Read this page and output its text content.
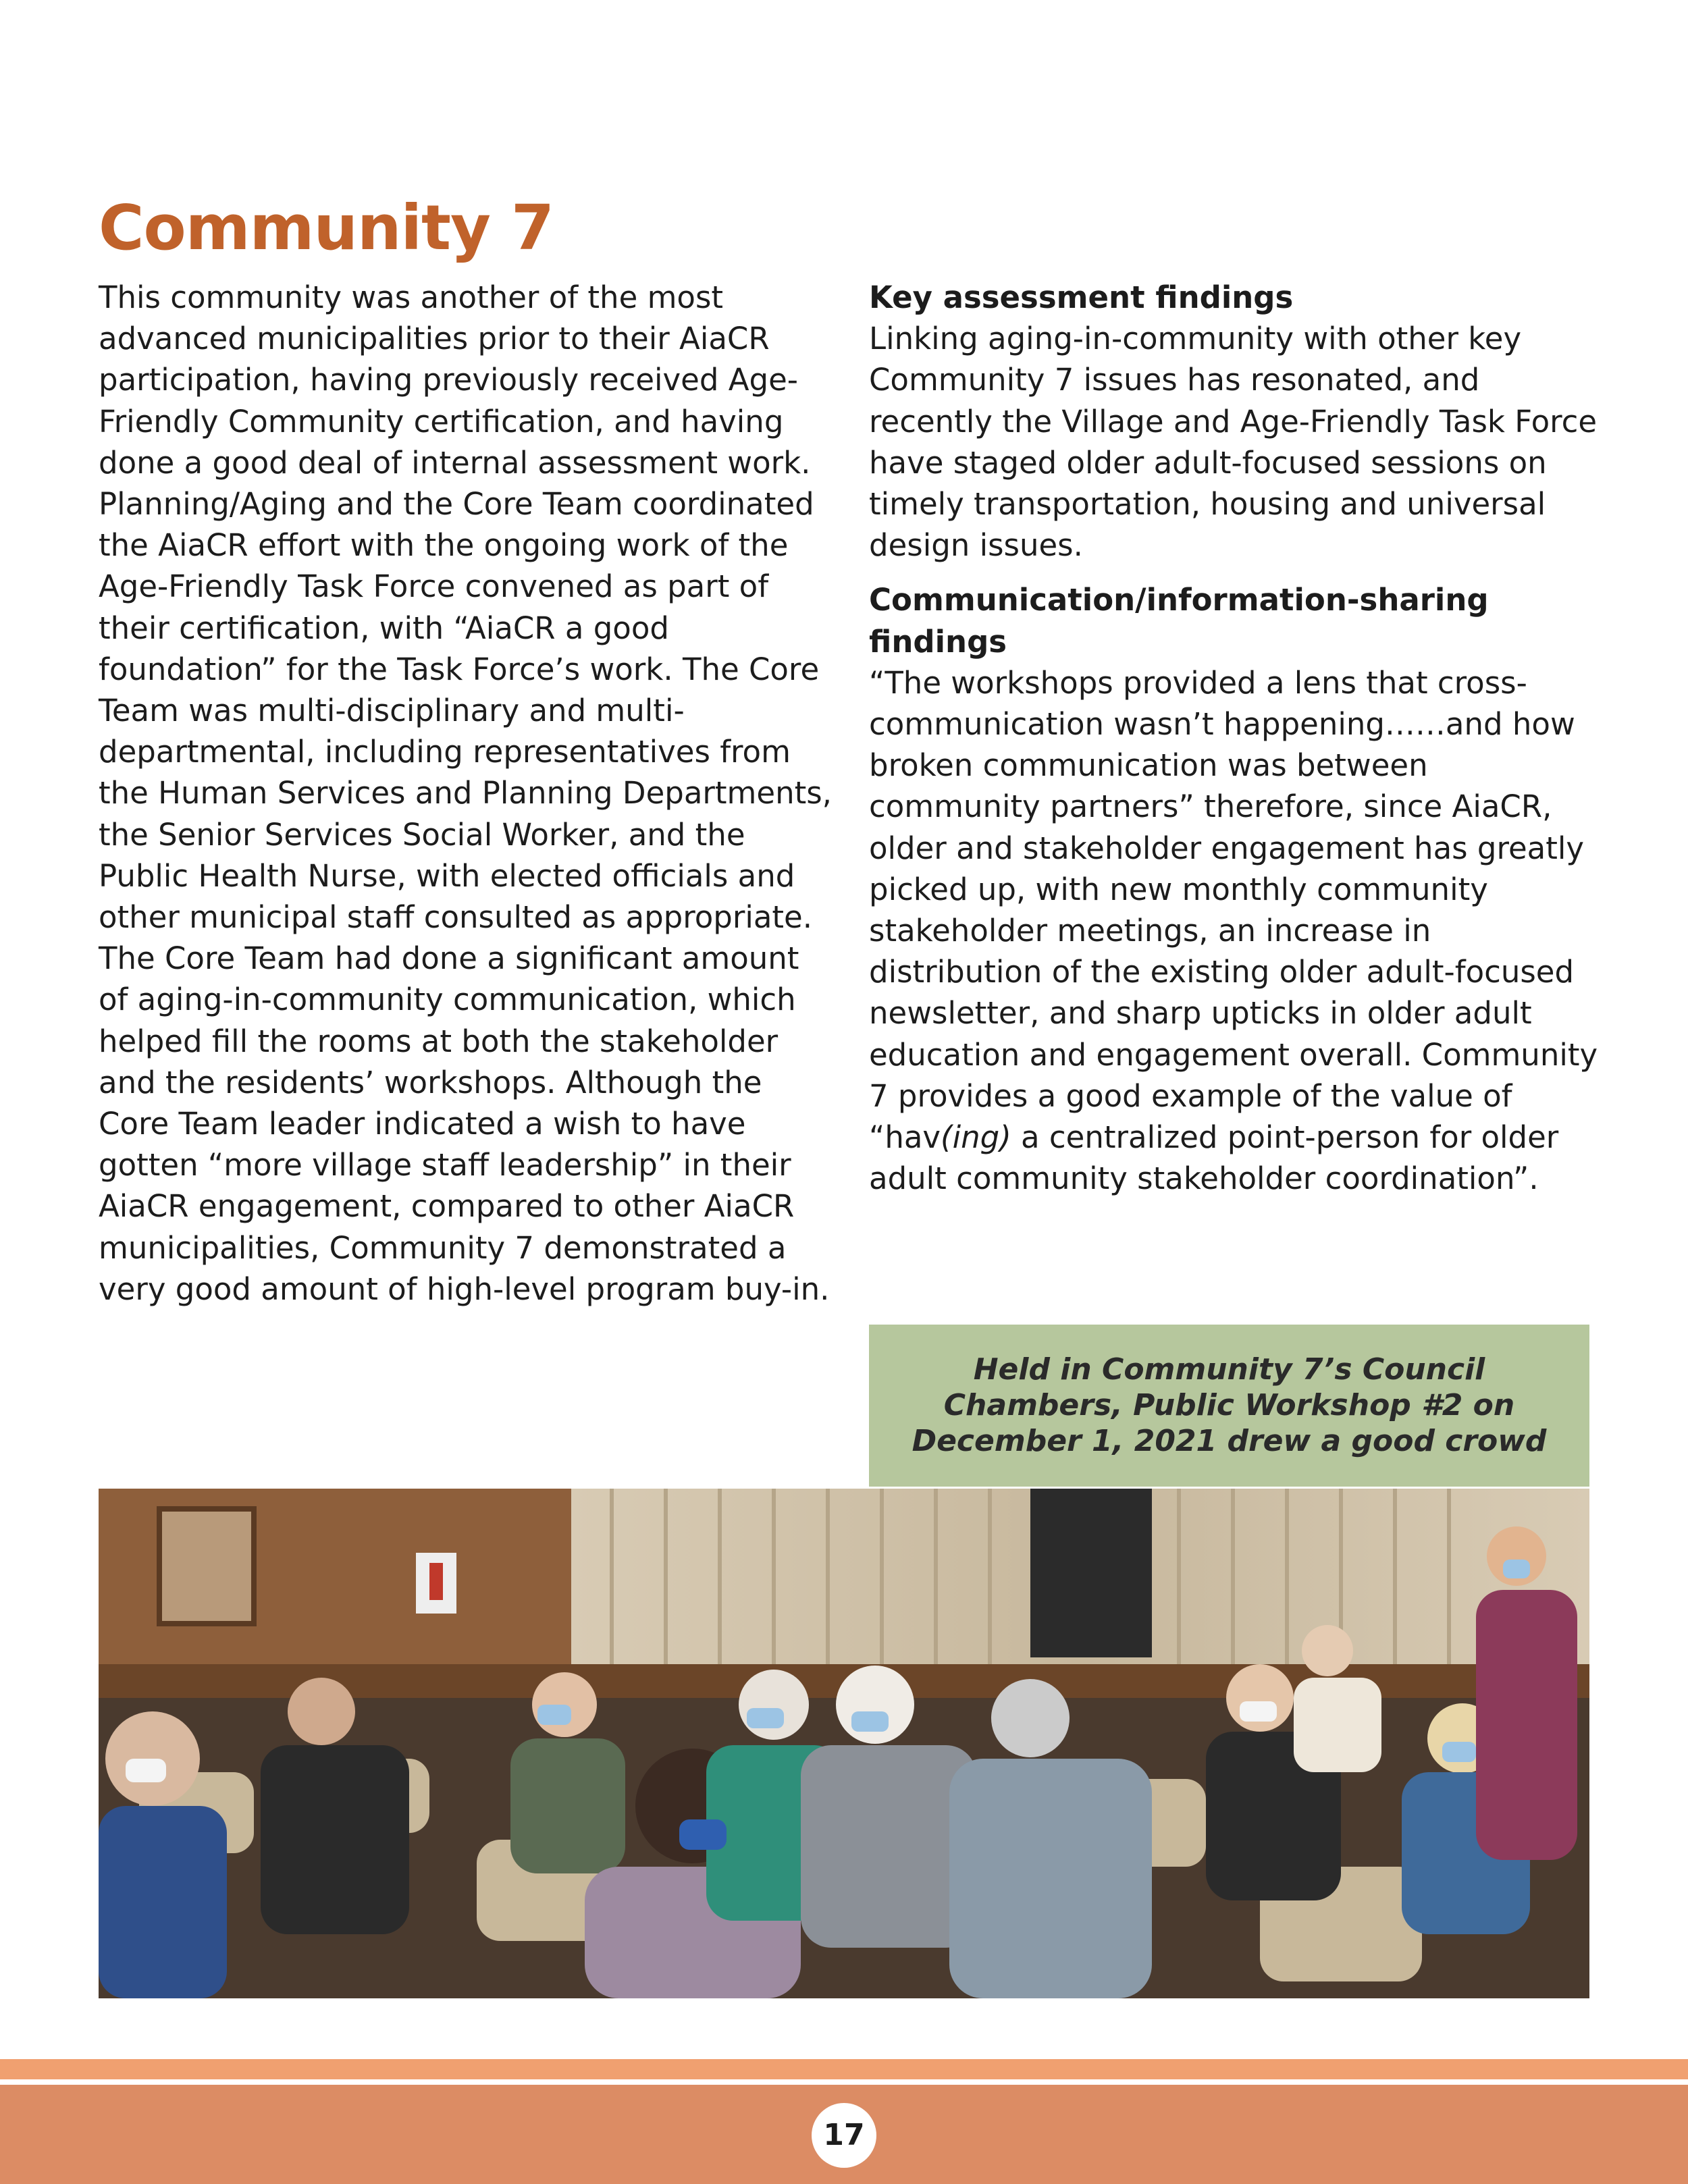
Community 7

This community was another of the most advanced municipalities prior to their AiaCR participation, having previously received Age-Friendly Community certification, and having done a good deal of internal assessment work. Planning/Aging and the Core Team coordinated the AiaCR effort with the ongoing work of the Age-Friendly Task Force convened as part of their certification, with “AiaCR a good foundation” for the Task Force’s work. The Core Team was multi-disciplinary and multi-departmental, including representatives from the Human Services and Planning Departments, the Senior Services Social Worker, and the Public Health Nurse, with elected officials and other municipal staff consulted as appropriate. The Core Team had done a significant amount of aging-in-community communication, which helped fill the rooms at both the stakeholder and the residents’ workshops. Although the Core Team leader indicated a wish to have gotten “more village staff leadership” in their AiaCR engagement, compared to other AiaCR municipalities, Community 7 demonstrated a very good amount of high-level program buy-in.

Key assessment findings

Linking aging-in-community with other key Community 7 issues has resonated, and recently the Village and Age-Friendly Task Force have staged older adult-focused sessions on timely transportation, housing and universal design issues.

Communication/information-sharing findings

“The workshops provided a lens that cross-communication wasn’t happening……and how broken communication was between community partners” therefore, since AiaCR, older and stakeholder engagement has greatly picked up, with new monthly community stakeholder meetings, an increase in distribution of the existing older adult-focused newsletter, and sharp upticks in older adult education and engagement overall. Community 7 provides a good example of the value of “hav(ing) a centralized point-person for older adult community stakeholder coordination”.

Held in Community 7’s Council
Chambers, Public Workshop #2 on
December 1, 2021 drew a good crowd
17
